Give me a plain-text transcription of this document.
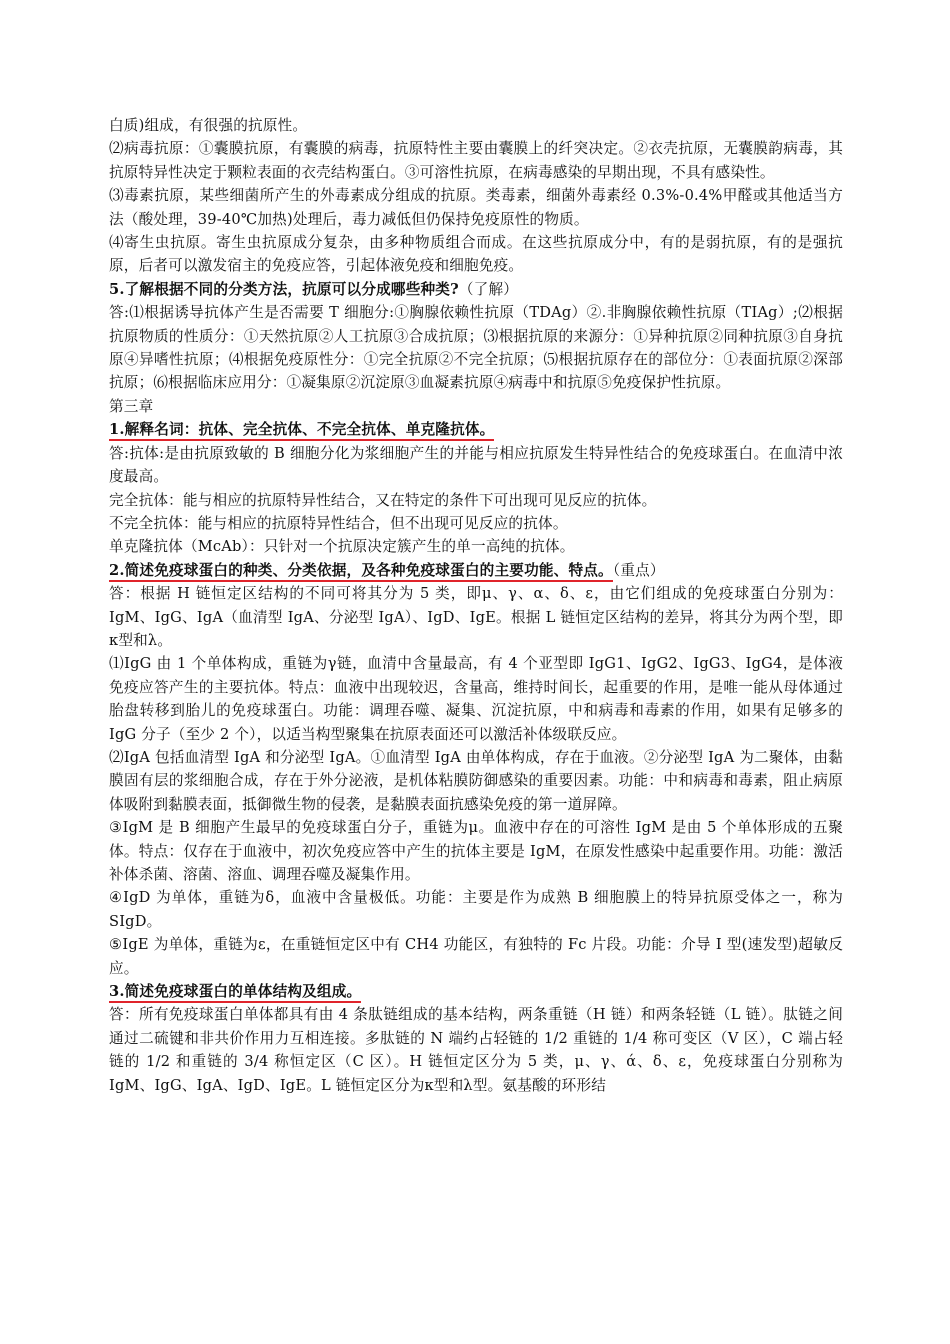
白质)组成，有很强的抗原性。

⑵病毒抗原：①囊膜抗原，有囊膜的病毒，抗原特性主要由囊膜上的纤突决定。②衣壳抗原，无囊膜韵病毒，其抗原特异性决定于颗粒表面的衣壳结构蛋白。③可溶性抗原，在病毒感染的早期出现，不具有感染性。

⑶毒素抗原，某些细菌所产生的外毒素成分组成的抗原。类毒素，细菌外毒素经 0.3%-0.4%甲醛或其他适当方法（酸处理，39-40℃加热)处理后，毒力减低但仍保持免疫原性的物质。

⑷寄生虫抗原。寄生虫抗原成分复杂，由多种物质组合而成。在这些抗原成分中，有的是弱抗原，有的是强抗原，后者可以激发宿主的免疫应答，引起体液免疫和细胞免疫。

5.了解根据不同的分类方法，抗原可以分成哪些种类?（了解）

答:⑴根据诱导抗体产生是否需要 T 细胞分:①胸腺依赖性抗原（TDAg）②.非胸腺依赖性抗原（TIAg）;⑵根据抗原物质的性质分：①天然抗原②人工抗原③合成抗原；⑶根据抗原的来源分：①异种抗原②同种抗原③自身抗原④异嗜性抗原；⑷根据免疫原性分：①完全抗原②不完全抗原；⑸根据抗原存在的部位分：①表面抗原②深部抗原；⑹根据临床应用分：①凝集原②沉淀原③血凝素抗原④病毒中和抗原⑤免疫保护性抗原。

第三章

1.解释名词：抗体、完全抗体、不完全抗体、单克隆抗体。

答:抗体:是由抗原致敏的 B 细胞分化为浆细胞产生的并能与相应抗原发生特异性结合的免疫球蛋白。在血清中浓度最高。

完全抗体：能与相应的抗原特异性结合，又在特定的条件下可出现可见反应的抗体。

不完全抗体：能与相应的抗原特异性结合，但不出现可见反应的抗体。

单克隆抗体（McAb）：只针对一个抗原决定簇产生的单一高纯的抗体。

2.简述免疫球蛋白的种类、分类依据，及各种免疫球蛋白的主要功能、特点。（重点）

答：根据 H 链恒定区结构的不同可将其分为 5 类，即μ、γ、α、δ、ε，由它们组成的免疫球蛋白分别为：IgM、IgG、IgA（血清型 IgA、分泌型 IgA）、IgD、IgE。根据 L 链恒定区结构的差异，将其分为两个型，即κ型和λ。

⑴IgG 由 1 个单体构成，重链为γ链，血清中含量最高，有 4 个亚型即 IgG1、IgG2、IgG3、IgG4，是体液免疫应答产生的主要抗体。特点：血液中出现较迟，含量高，维持时间长，起重要的作用，是唯一能从母体通过胎盘转移到胎儿的免疫球蛋白。功能：调理吞噬、凝集、沉淀抗原，中和病毒和毒素的作用，如果有足够多的 IgG 分子（至少 2 个），以适当构型聚集在抗原表面还可以激活补体级联反应。

⑵IgA 包括血清型 IgA 和分泌型 IgA。①血清型 IgA 由单体构成，存在于血液。②分泌型 IgA 为二聚体，由黏膜固有层的浆细胞合成，存在于外分泌液，是机体粘膜防御感染的重要因素。功能：中和病毒和毒素，阻止病原体吸附到黏膜表面，抵御微生物的侵袭，是黏膜表面抗感染免疫的第一道屏障。

③IgM 是 B 细胞产生最早的免疫球蛋白分子，重链为μ。血液中存在的可溶性 IgM 是由 5 个单体形成的五聚体。特点：仅存在于血液中，初次免疫应答中产生的抗体主要是 IgM，在原发性感染中起重要作用。功能：激活补体杀菌、溶菌、溶血、调理吞噬及凝集作用。

④IgD 为单体，重链为δ，血液中含量极低。功能：主要是作为成熟 B 细胞膜上的特异抗原受体之一，称为 SIgD。

⑤IgE 为单体，重链为ε，在重链恒定区中有 CH4 功能区，有独特的 Fc 片段。功能：介导 I 型(速发型)超敏反应。

3.简述免疫球蛋白的单体结构及组成。

答：所有免疫球蛋白单体都具有由 4 条肽链组成的基本结构，两条重链（H 链）和两条轻链（L 链）。肽链之间通过二硫键和非共价作用力互相连接。多肽链的 N 端约占轻链的 1/2 重链的 1/4 称可变区（V 区），C 端占轻链的 1/2 和重链的 3/4 称恒定区（C 区）。H 链恒定区分为 5 类，μ、γ、ά、δ、ε，免疫球蛋白分别称为 IgM、IgG、IgA、IgD、IgE。L 链恒定区分为κ型和λ型。氨基酸的环形结
